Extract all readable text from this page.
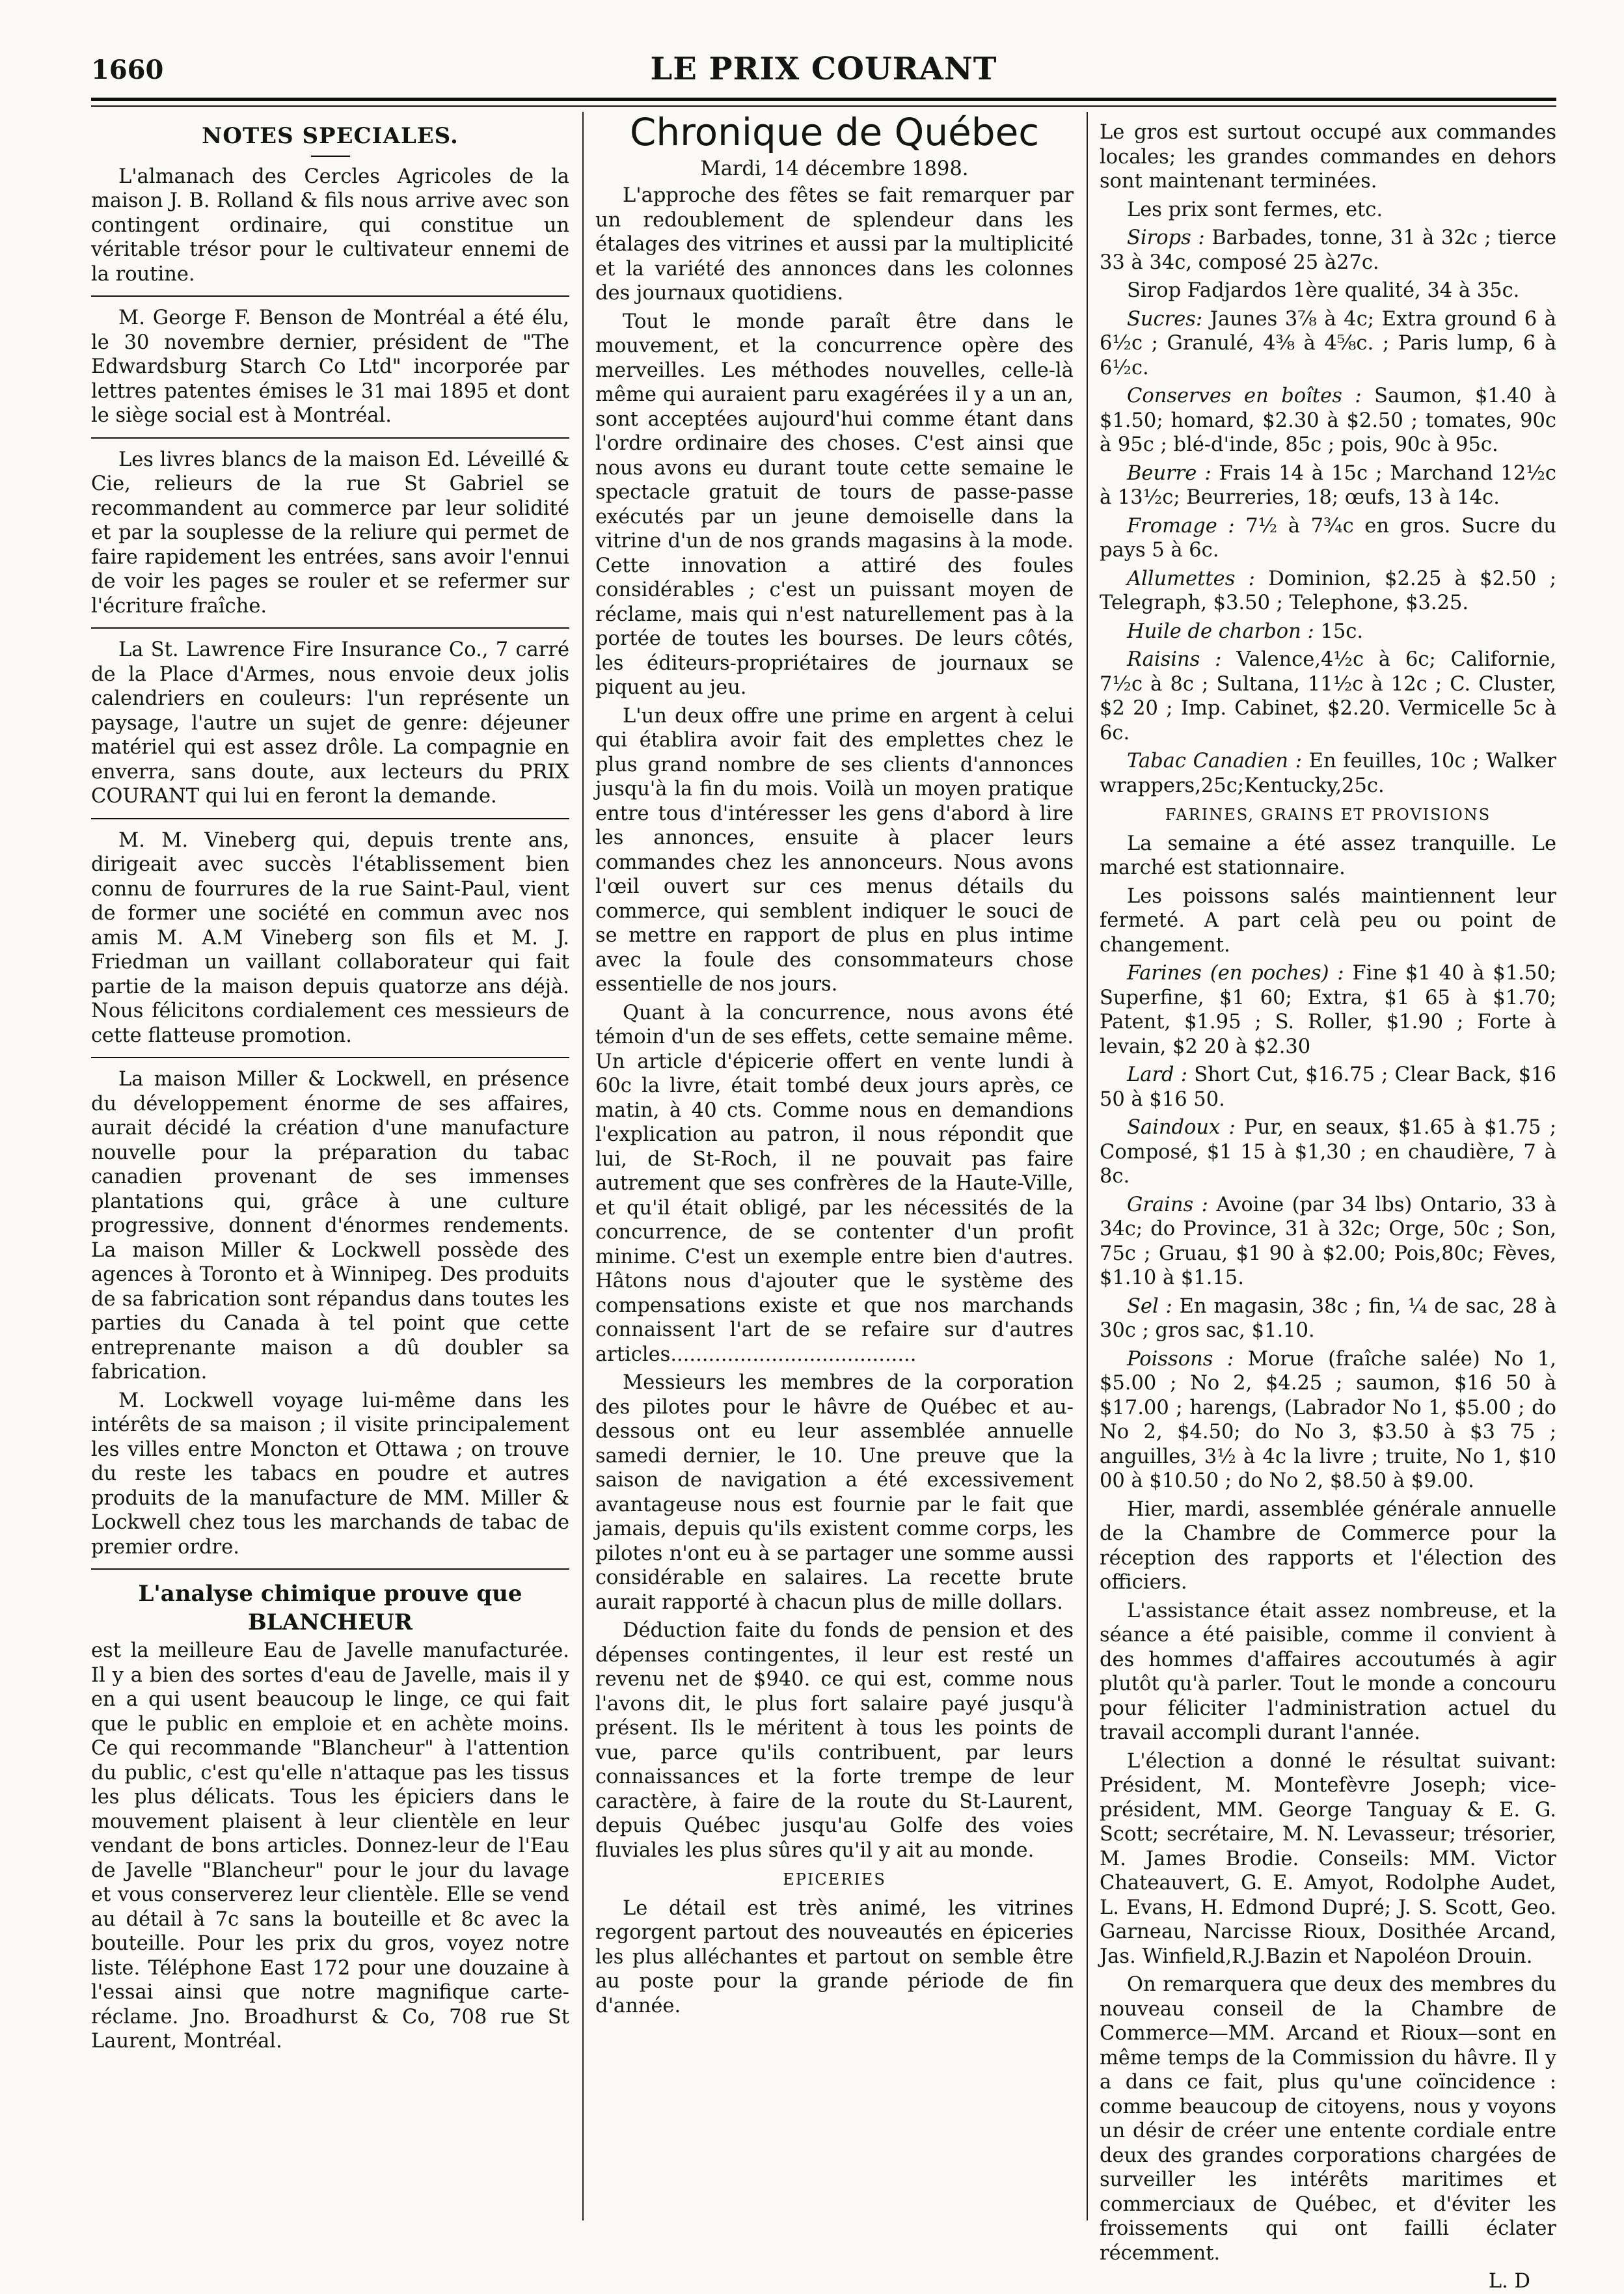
1660	LE PRIX COURANT
NOTES SPECIALES.

L'almanach des Cercles Agricoles de la maison J. B. Rolland & fils nous arrive avec son contingent ordinaire, qui constitue un véritable trésor pour le cultivateur ennemi de la routine.

M. George F. Benson de Montréal a été élu, le 30 novembre dernier, président de "The Edwardsburg Starch Co Ltd" incorporée par lettres patentes émises le 31 mai 1895 et dont le siège social est à Montréal.

Les livres blancs de la maison Ed. Léveillé & Cie, relieurs de la rue St Gabriel se recommandent au commerce par leur solidité et par la souplesse de la reliure qui permet de faire rapidement les entrées, sans avoir l'ennui de voir les pages se rouler et se refermer sur l'écriture fraîche.

La St. Lawrence Fire Insurance Co., 7 carré de la Place d'Armes, nous envoie deux jolis calendriers en couleurs: l'un représente un paysage, l'autre un sujet de genre: déjeuner matériel qui est assez drôle. La compagnie en enverra, sans doute, aux lecteurs du PRIX COURANT qui lui en feront la demande.

M. M. Vineberg qui, depuis trente ans, dirigeait avec succès l'établissement bien connu de fourrures de la rue Saint-Paul, vient de former une société en commun avec nos amis M. A.M Vineberg son fils et M. J. Friedman un vaillant collaborateur qui fait partie de la maison depuis quatorze ans déjà. Nous félicitons cordialement ces messieurs de cette flatteuse promotion.

La maison Miller & Lockwell, en présence du développement énorme de ses affaires, aurait décidé la création d'une manufacture nouvelle pour la préparation du tabac canadien provenant de ses immenses plantations qui, grâce à une culture progressive, donnent d'énormes rendements. La maison Miller & Lockwell possède des agences à Toronto et à Winnipeg. Des produits de sa fabrication sont répandus dans toutes les parties du Canada à tel point que cette entreprenante maison a dû doubler sa fabrication.

M. Lockwell voyage lui-même dans les intérêts de sa maison ; il visite principalement les villes entre Moncton et Ottawa ; on trouve du reste les tabacs en poudre et autres produits de la manufacture de MM. Miller & Lockwell chez tous les marchands de tabac de premier ordre.

L'analyse chimique prouve que
BLANCHEUR

est la meilleure Eau de Javelle manufacturée. Il y a bien des sortes d'eau de Javelle, mais il y en a qui usent beaucoup le linge, ce qui fait que le public en emploie et en achète moins. Ce qui recommande "Blancheur" à l'attention du public, c'est qu'elle n'attaque pas les tissus les plus délicats. Tous les épiciers dans le mouvement plaisent à leur clientèle en leur vendant de bons articles. Donnez-leur de l'Eau de Javelle "Blancheur" pour le jour du lavage et vous conserverez leur clientèle. Elle se vend au détail à 7c sans la bouteille et 8c avec la bouteille. Pour les prix du gros, voyez notre liste. Téléphone East 172 pour une douzaine à l'essai ainsi que notre magnifique carte-réclame. Jno. Broadhurst & Co, 708 rue St Laurent, Montréal.

Chronique de Québec
Mardi, 14 décembre 1898.

L'approche des fêtes se fait remarquer par un redoublement de splendeur dans les étalages des vitrines et aussi par la multiplicité et la variété des annonces dans les colonnes des journaux quotidiens.

Tout le monde paraît être dans le mouvement, et la concurrence opère des merveilles. Les méthodes nouvelles, celle-là même qui auraient paru exagérées il y a un an, sont acceptées aujourd'hui comme étant dans l'ordre ordinaire des choses. C'est ainsi que nous avons eu durant toute cette semaine le spectacle gratuit de tours de passe-passe exécutés par un jeune demoiselle dans la vitrine d'un de nos grands magasins à la mode. Cette innovation a attiré des foules considérables ; c'est un puissant moyen de réclame, mais qui n'est naturellement pas à la portée de toutes les bourses. De leurs côtés, les éditeurs-propriétaires de journaux se piquent au jeu.

L'un deux offre une prime en argent à celui qui établira avoir fait des emplettes chez le plus grand nombre de ses clients d'annonces jusqu'à la fin du mois. Voilà un moyen pratique entre tous d'intéresser les gens d'abord à lire les annonces, ensuite à placer leurs commandes chez les annonceurs. Nous avons l'œil ouvert sur ces menus détails du commerce, qui semblent indiquer le souci de se mettre en rapport de plus en plus intime avec la foule des consommateurs chose essentielle de nos jours.

Quant à la concurrence, nous avons été témoin d'un de ses effets, cette semaine même. Un article d'épicerie offert en vente lundi à 60c la livre, était tombé deux jours après, ce matin, à 40 cts. Comme nous en demandions l'explication au patron, il nous répondit que lui, de St-Roch, il ne pouvait pas faire autrement que ses confrères de la Haute-Ville, et qu'il était obligé, par les nécessités de la concurrence, de se contenter d'un profit minime. C'est un exemple entre bien d'autres. Hâtons nous d'ajouter que le système des compensations existe et que nos marchands connaissent l'art de se refaire sur d'autres articles.......................................

Messieurs les membres de la corporation des pilotes pour le hâvre de Québec et au-dessous ont eu leur assemblée annuelle samedi dernier, le 10. Une preuve que la saison de navigation a été excessivement avantageuse nous est fournie par le fait que jamais, depuis qu'ils existent comme corps, les pilotes n'ont eu à se partager une somme aussi considérable en salaires. La recette brute aurait rapporté à chacun plus de mille dollars.

Déduction faite du fonds de pension et des dépenses contingentes, il leur est resté un revenu net de $940. ce qui est, comme nous l'avons dit, le plus fort salaire payé jusqu'à présent. Ils le méritent à tous les points de vue, parce qu'ils contribuent, par leurs connaissances et la forte trempe de leur caractère, à faire de la route du St-Laurent, depuis Québec jusqu'au Golfe des voies fluviales les plus sûres qu'il y ait au monde.

EPICERIES

Le détail est très animé, les vitrines regorgent partout des nouveautés en épiceries les plus alléchantes et partout on semble être au poste pour la grande période de fin d'année.

Le gros est surtout occupé aux commandes locales; les grandes commandes en dehors sont maintenant terminées.

Les prix sont fermes, etc.

Sirops : Barbades, tonne, 31 à 32c ; tierce 33 à 34c, composé 25 à27c.

Sirop Fadjardos 1ère qualité, 34 à 35c.

Sucres: Jaunes 3⅞ à 4c; Extra ground 6 à 6½c ; Granulé, 4⅜ à 4⅝c. ; Paris lump, 6 à 6½c.

Conserves en boîtes : Saumon, $1.40 à $1.50; homard, $2.30 à $2.50 ; tomates, 90c à 95c ; blé-d'inde, 85c ; pois, 90c à 95c.

Beurre : Frais 14 à 15c ; Marchand 12½c à 13½c; Beurreries, 18; œufs, 13 à 14c.

Fromage : 7½ à 7¾c en gros. Sucre du pays 5 à 6c.

Allumettes : Dominion, $2.25 à $2.50 ; Telegraph, $3.50 ; Telephone, $3.25.

Huile de charbon : 15c.

Raisins : Valence,4½c à 6c; Californie, 7½c à 8c ; Sultana, 11½c à 12c ; C. Cluster, $2 20 ; Imp. Cabinet, $2.20. Vermicelle 5c à 6c.

Tabac Canadien : En feuilles, 10c ; Walker wrappers,25c;Kentucky,25c.

FARINES, GRAINS ET PROVISIONS

La semaine a été assez tranquille. Le marché est stationnaire.

Les poissons salés maintiennent leur fermeté. A part celà peu ou point de changement.

Farines (en poches) : Fine $1 40 à $1.50; Superfine, $1 60; Extra, $1 65 à $1.70; Patent, $1.95 ; S. Roller, $1.90 ; Forte à levain, $2 20 à $2.30

Lard : Short Cut, $16.75 ; Clear Back, $16 50 à $16 50.

Saindoux : Pur, en seaux, $1.65 à $1.75 ; Composé, $1 15 à $1,30 ; en chaudière, 7 à 8c.

Grains : Avoine (par 34 lbs) Ontario, 33 à 34c; do Province, 31 à 32c; Orge, 50c ; Son, 75c ; Gruau, $1 90 à $2.00; Pois,80c; Fèves, $1.10 à $1.15.

Sel : En magasin, 38c ; fin, ¼ de sac, 28 à 30c ; gros sac, $1.10.

Poissons : Morue (fraîche salée) No 1, $5.00 ; No 2, $4.25 ; saumon, $16 50 à $17.00 ; harengs, (Labrador No 1, $5.00 ; do No 2, $4.50; do No 3, $3.50 à $3 75 ; anguilles, 3½ à 4c la livre ; truite, No 1, $10 00 à $10.50 ; do No 2, $8.50 à $9.00.

Hier, mardi, assemblée générale annuelle de la Chambre de Commerce pour la réception des rapports et l'élection des officiers.

L'assistance était assez nombreuse, et la séance a été paisible, comme il convient à des hommes d'affaires accoutumés à agir plutôt qu'à parler. Tout le monde a concouru pour féliciter l'administration actuel du travail accompli durant l'année.

L'élection a donné le résultat suivant: Président, M. Montefèvre Joseph; vice-président, MM. George Tanguay & E. G. Scott; secrétaire, M. N. Levasseur; trésorier, M. James Brodie. Conseils: MM. Victor Chateauvert, G. E. Amyot, Rodolphe Audet, L. Evans, H. Edmond Dupré; J. S. Scott, Geo. Garneau, Narcisse Rioux, Dosithée Arcand, Jas. Winfield,R.J.Bazin et Napoléon Drouin.

On remarquera que deux des membres du nouveau conseil de la Chambre de Commerce—MM. Arcand et Rioux—sont en même temps de la Commission du hâvre. Il y a dans ce fait, plus qu'une coïncidence : comme beaucoup de citoyens, nous y voyons un désir de créer une entente cordiale entre deux des grandes corporations chargées de surveiller les intérêts maritimes et commerciaux de Québec, et d'éviter les froissements qui ont failli éclater récemment.

L. D
